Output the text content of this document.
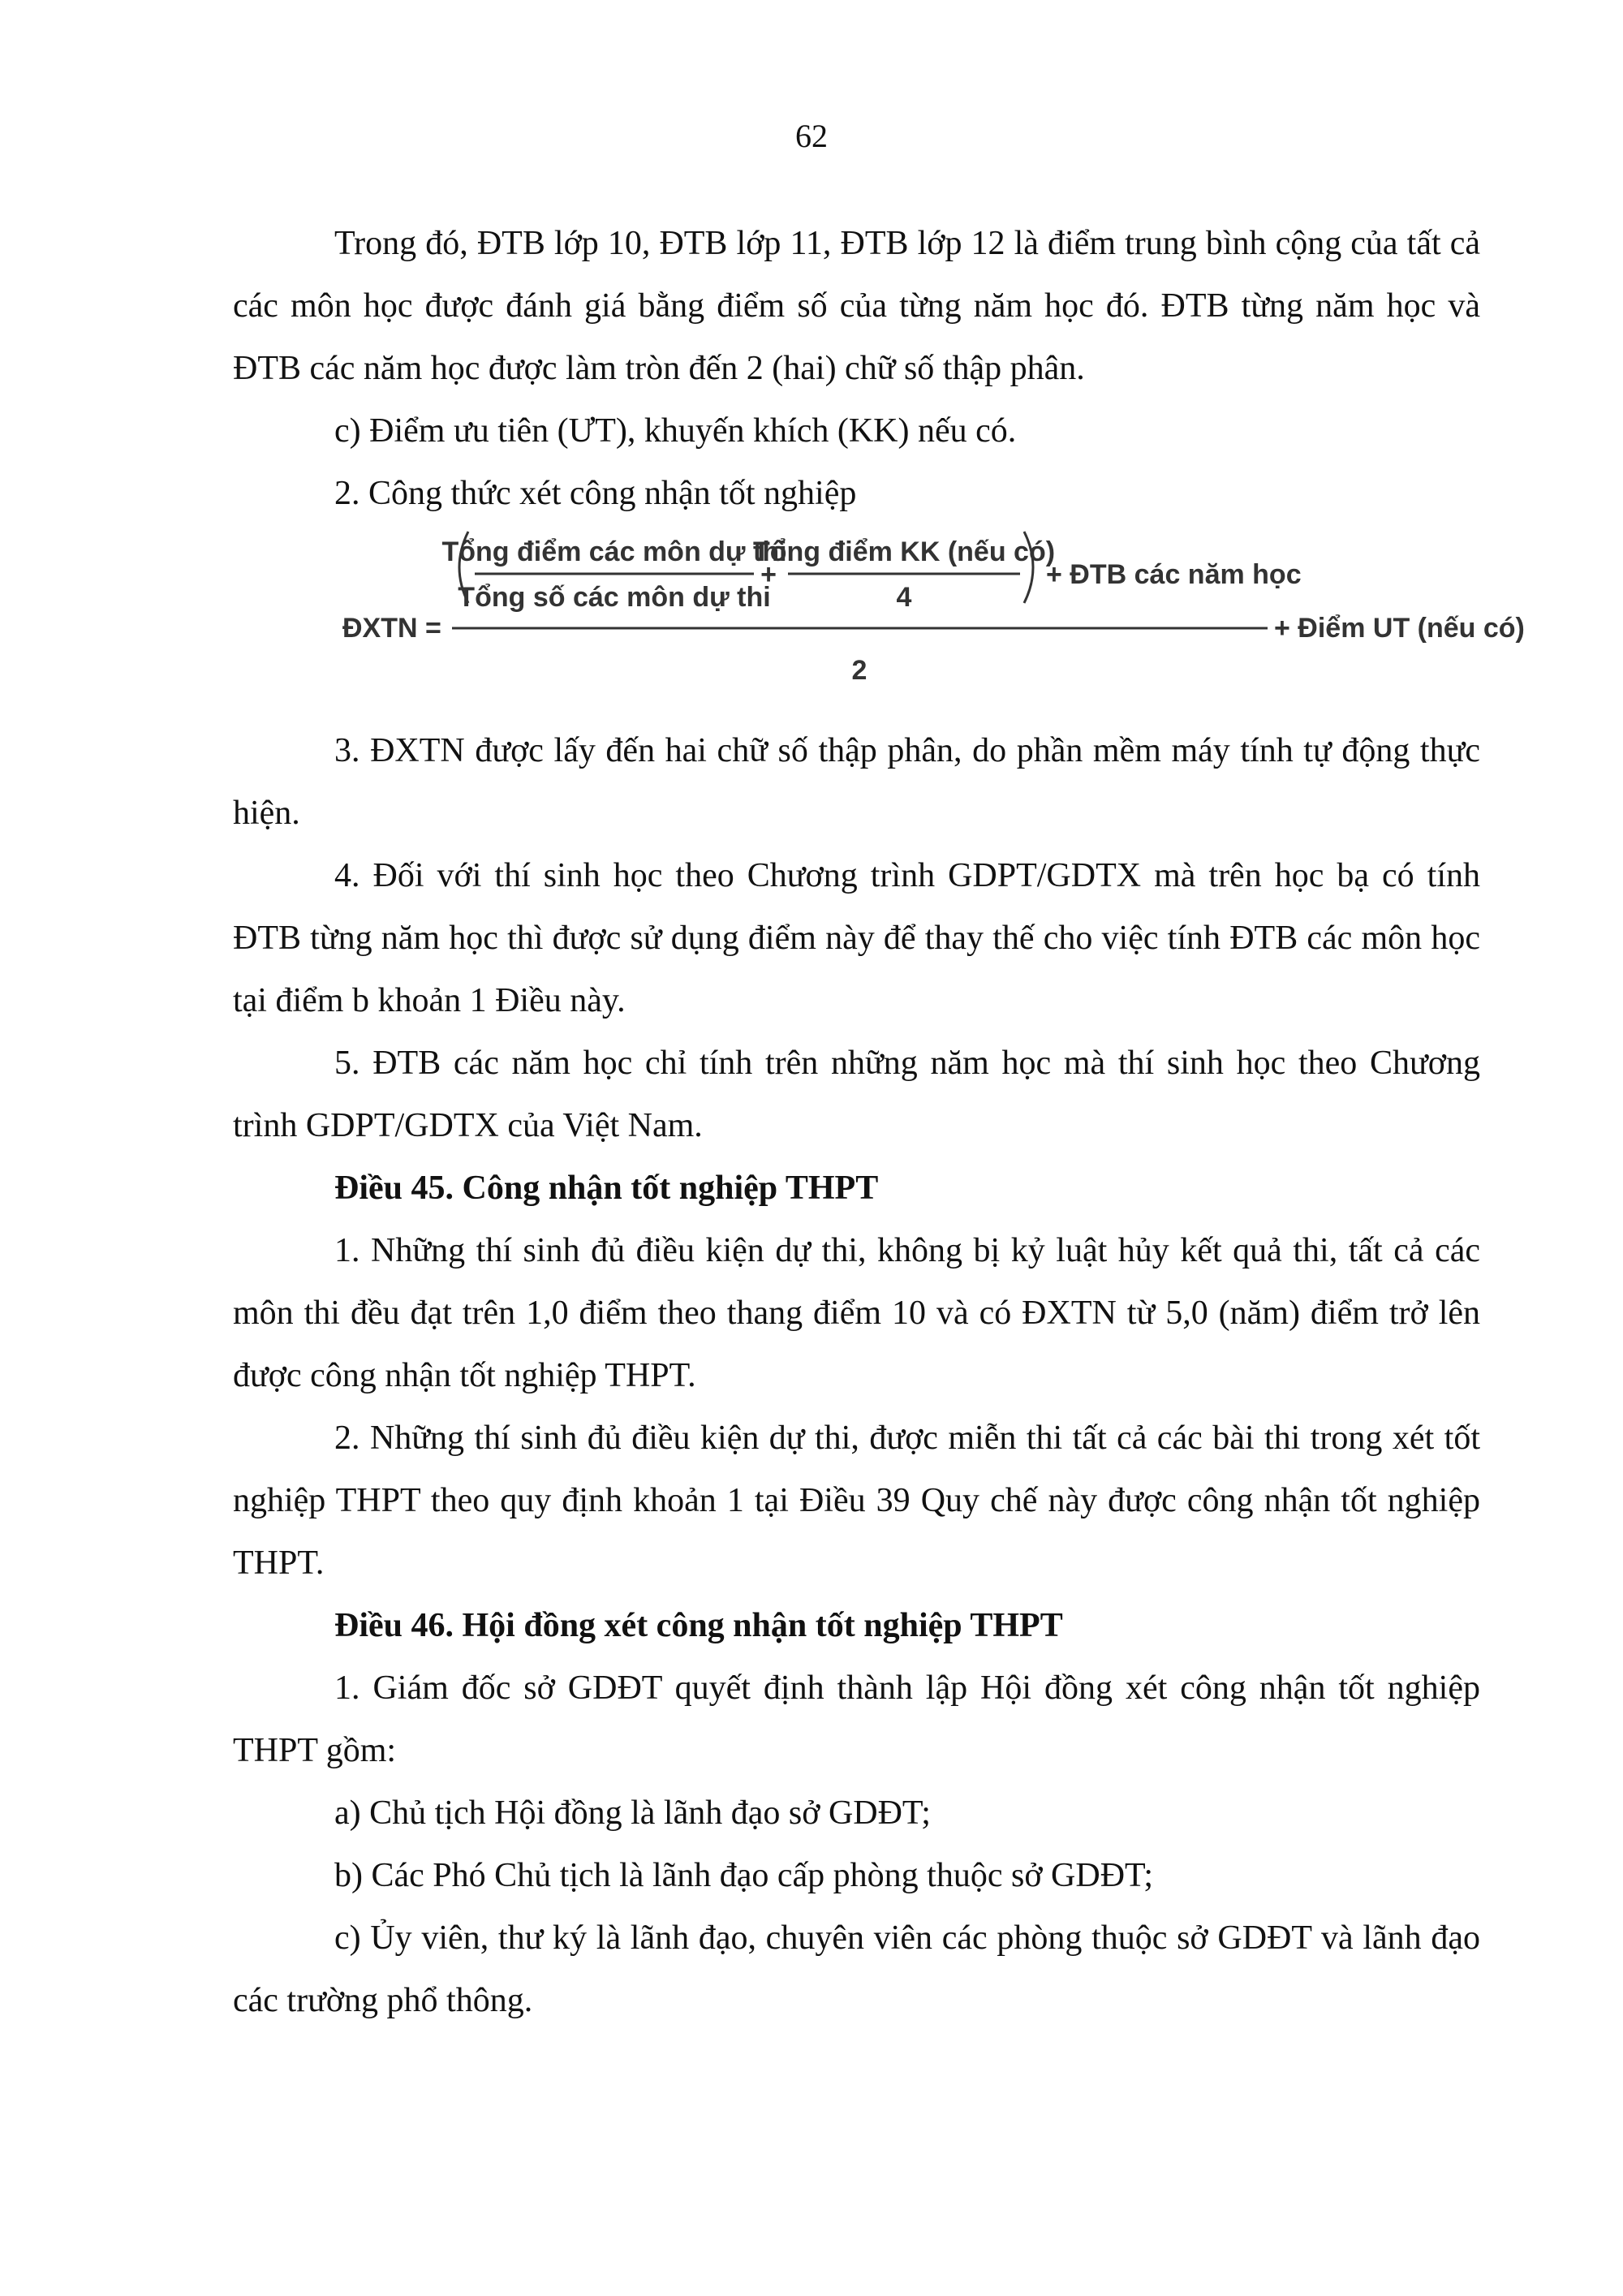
62

Trong đó, ĐTB lớp 10, ĐTB lớp 11, ĐTB lớp 12 là điểm trung bình cộng của tất cả các môn học được đánh giá bằng điểm số của từng năm học đó. ĐTB từng năm học và ĐTB các năm học được làm tròn đến 2 (hai) chữ số thập phân.

c) Điểm ưu tiên (ƯT), khuyến khích (KK) nếu có.

2. Công thức xét công nhận tốt nghiệp

Tổng điểm các môn dự thi
Tổng số các môn dự thi
+
Tổng điểm KK (nếu có)
4
+ ĐTB các năm học
ĐXTN =	+ Điểm UT (nếu có)
2

3. ĐXTN được lấy đến hai chữ số thập phân, do phần mềm máy tính tự động thực hiện.

4. Đối với thí sinh học theo Chương trình GDPT/GDTX mà trên học bạ có tính ĐTB từng năm học thì được sử dụng điểm này để thay thế cho việc tính ĐTB các môn học tại điểm b khoản 1 Điều này.

5. ĐTB các năm học chỉ tính trên những năm học mà thí sinh học theo Chương trình GDPT/GDTX của Việt Nam.

Điều 45. Công nhận tốt nghiệp THPT

1. Những thí sinh đủ điều kiện dự thi, không bị kỷ luật hủy kết quả thi, tất cả các môn thi đều đạt trên 1,0 điểm theo thang điểm 10 và có ĐXTN từ 5,0 (năm) điểm trở lên được công nhận tốt nghiệp THPT.

2. Những thí sinh đủ điều kiện dự thi, được miễn thi tất cả các bài thi trong xét tốt nghiệp THPT theo quy định khoản 1 tại Điều 39 Quy chế này được công nhận tốt nghiệp THPT.

Điều 46. Hội đồng xét công nhận tốt nghiệp THPT

1. Giám đốc sở GDĐT quyết định thành lập Hội đồng xét công nhận tốt nghiệp THPT gồm:

a) Chủ tịch Hội đồng là lãnh đạo sở GDĐT;

b) Các Phó Chủ tịch là lãnh đạo cấp phòng thuộc sở GDĐT;

c) Ủy viên, thư ký là lãnh đạo, chuyên viên các phòng thuộc sở GDĐT và lãnh đạo các trường phổ thông.
